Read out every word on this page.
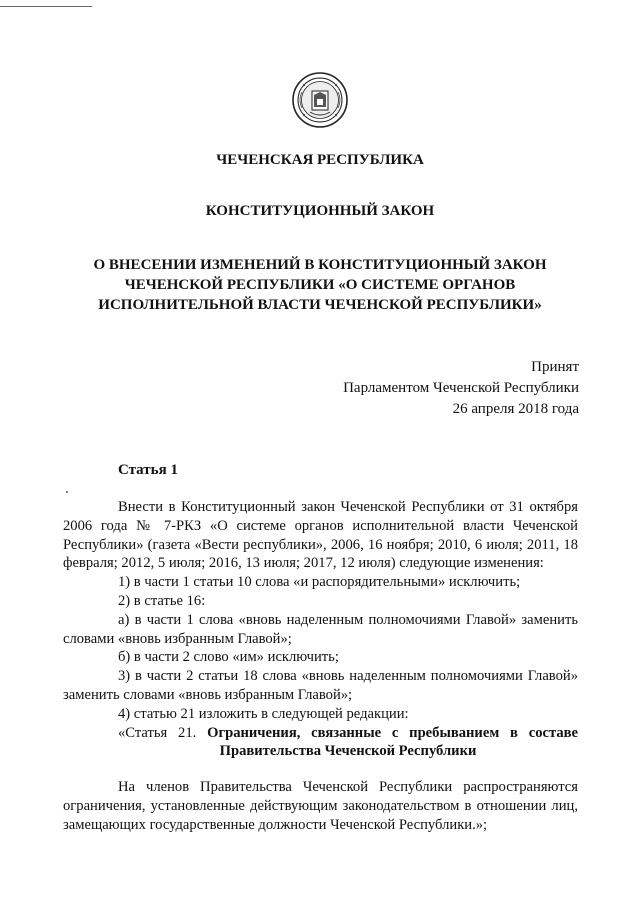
ЧЕЧЕНСКАЯ РЕСПУБЛИКА
КОНСТИТУЦИОННЫЙ ЗАКОН
О ВНЕСЕНИИ ИЗМЕНЕНИЙ В КОНСТИТУЦИОННЫЙ ЗАКОН
ЧЕЧЕНСКОЙ РЕСПУБЛИКИ «О СИСТЕМЕ ОРГАНОВ
ИСПОЛНИТЕЛЬНОЙ ВЛАСТИ ЧЕЧЕНСКОЙ РЕСПУБЛИКИ»
Принят
Парламентом Чеченской Республики
26 апреля 2018 года
Статья 1

Внести в Конституционный закон Чеченской Республики от 31 октября 2006 года № 7-РКЗ «О системе органов исполнительной власти Чеченской Республики» (газета «Вести республики», 2006, 16 ноября; 2010, 6 июля; 2011, 18 февраля; 2012, 5 июля; 2016, 13 июля; 2017, 12 июля) следующие изменения:

1) в части 1 статьи 10 слова «и распорядительными» исключить;

2) в статье 16:

а) в части 1 слова «вновь наделенным полномочиями Главой» заменить словами «вновь избранным Главой»;

б) в части 2 слово «им» исключить;

3) в части 2 статьи 18 слова «вновь наделенным полномочиями Главой» заменить словами «вновь избранным Главой»;

4) статью 21 изложить в следующей редакции:

«Статья 21. Ограничения, связанные с пребыванием в составе

Правительства Чеченской Республики

На членов Правительства Чеченской Республики распространяются ограничения, установленные действующим законодательством в отношении лиц, замещающих государственные должности Чеченской Республики.»;
